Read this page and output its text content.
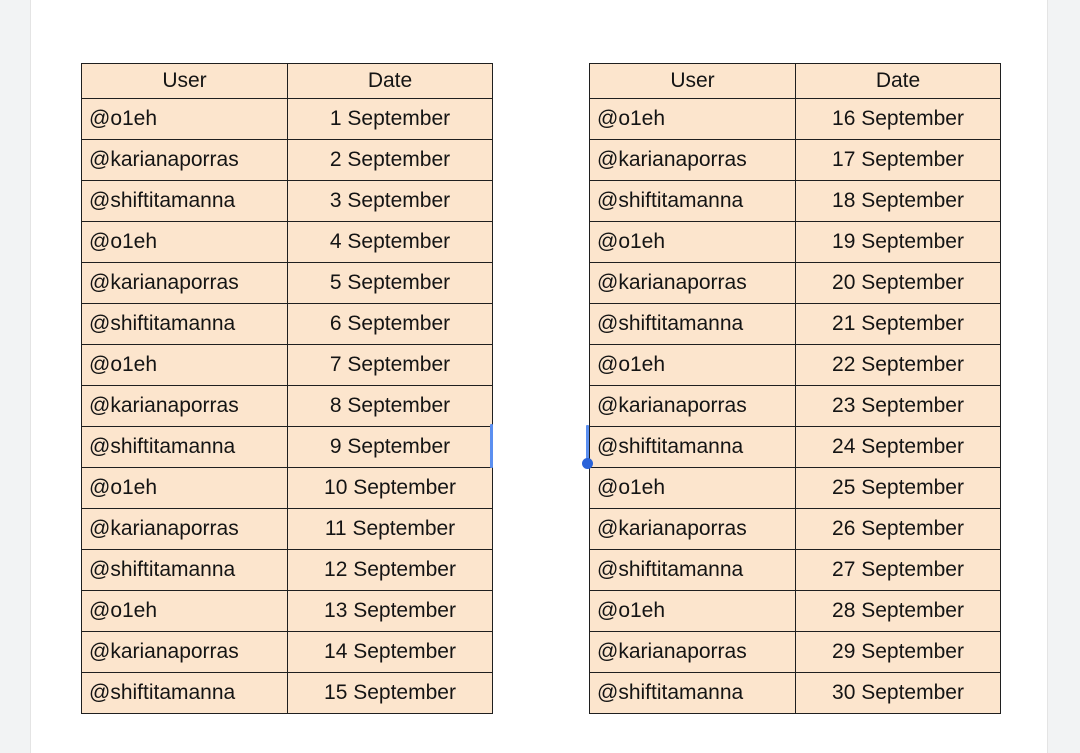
User	Date
@o1eh	1 September
@karianaporras	2 September
@shiftitamanna	3 September
@o1eh	4 September
@karianaporras	5 September
@shiftitamanna	6 September
@o1eh	7 September
@karianaporras	8 September
@shiftitamanna	9 September
@o1eh	10 September
@karianaporras	11 September
@shiftitamanna	12 September
@o1eh	13 September
@karianaporras	14 September
@shiftitamanna	15 September
User	Date
@o1eh	16 September
@karianaporras	17 September
@shiftitamanna	18 September
@o1eh	19 September
@karianaporras	20 September
@shiftitamanna	21 September
@o1eh	22 September
@karianaporras	23 September
@shiftitamanna	24 September
@o1eh	25 September
@karianaporras	26 September
@shiftitamanna	27 September
@o1eh	28 September
@karianaporras	29 September
@shiftitamanna	30 September
